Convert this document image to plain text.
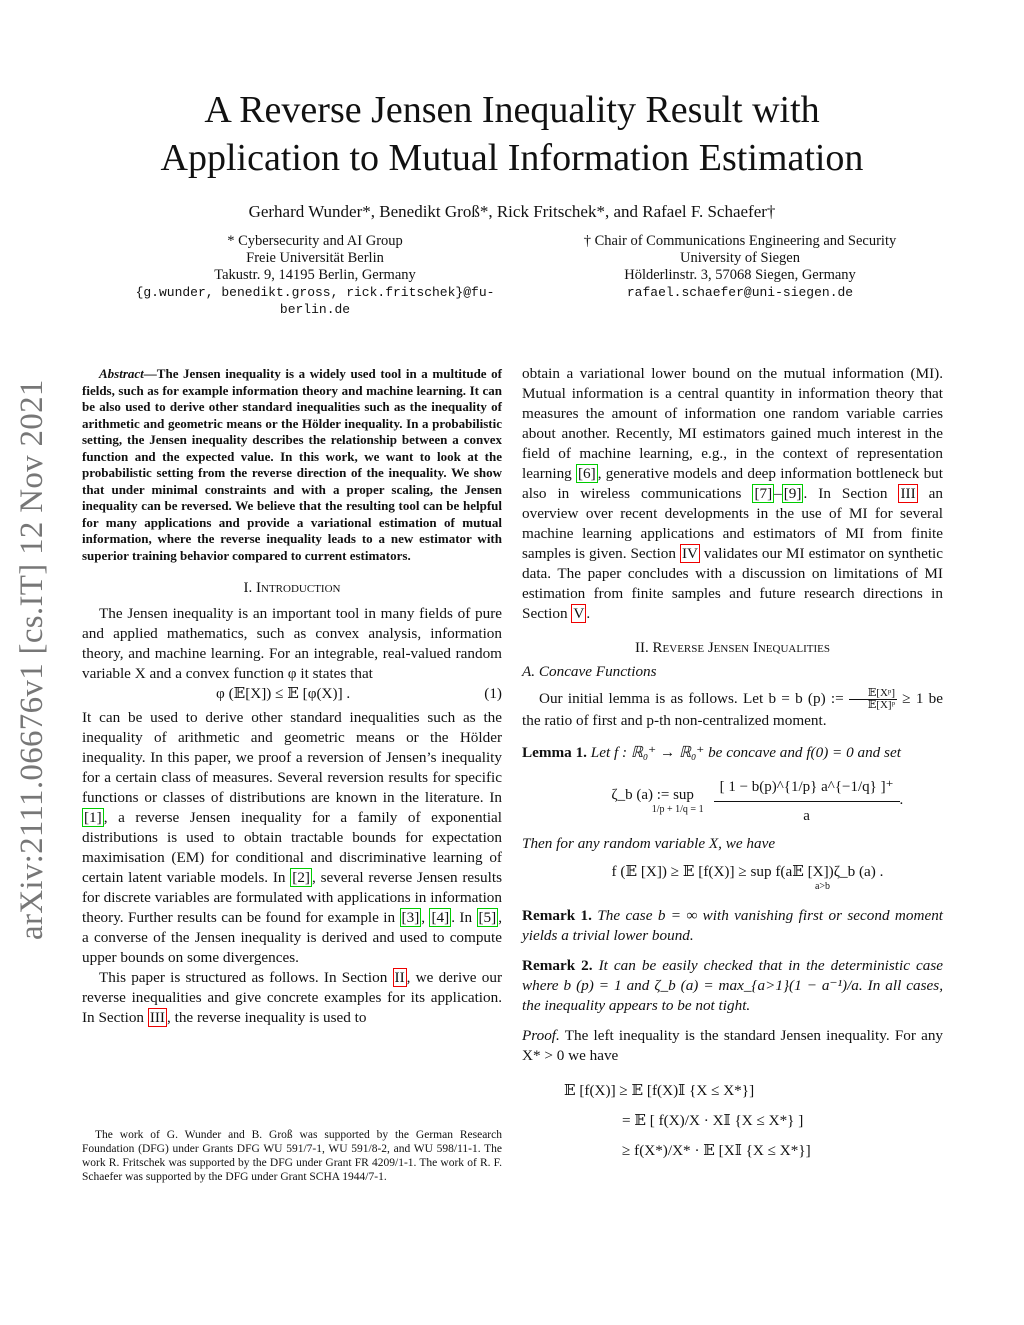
A Reverse Jensen Inequality Result with
Application to Mutual Information Estimation
Gerhard Wunder*, Benedikt Groß*, Rick Fritschek*, and Rafael F. Schaefer†
* Cybersecurity and AI Group
Freie Universität Berlin
Takustr. 9, 14195 Berlin, Germany
{g.wunder, benedikt.gross, rick.fritschek}@fu-berlin.de
† Chair of Communications Engineering and Security
University of Siegen
Hölderlinstr. 3, 57068 Siegen, Germany
rafael.schaefer@uni-siegen.de
arXiv:2111.06676v1 [cs.IT] 12 Nov 2021

Abstract—The Jensen inequality is a widely used tool in a multitude of fields, such as for example information theory and machine learning. It can be also used to derive other standard inequalities such as the inequality of arithmetic and geometric means or the Hölder inequality. In a probabilistic setting, the Jensen inequality describes the relationship between a convex function and the expected value. In this work, we want to look at the probabilistic setting from the reverse direction of the inequality. We show that under minimal constraints and with a proper scaling, the Jensen inequality can be reversed. We believe that the resulting tool can be helpful for many applications and provide a variational estimation of mutual information, where the reverse inequality leads to a new estimator with superior training behavior compared to current estimators.

I. Introduction

The Jensen inequality is an important tool in many fields of pure and applied mathematics, such as convex analysis, information theory, and machine learning. For an integrable, real-valued random variable X and a convex function φ it states that

φ (𝔼[X]) ≤ 𝔼 [φ(X)] .	(1)

It can be used to derive other standard inequalities such as the inequality of arithmetic and geometric means or the Hölder inequality. In this paper, we proof a reversion of Jensen’s inequality for a certain class of measures. Several reversion results for specific functions or classes of distributions are known in the literature. In [1] , a reverse Jensen inequality for a family of exponential distributions is used to obtain tractable bounds for expectation maximisation (EM) for conditional and discriminative learning of certain latent variable models. In [2] , several reverse Jensen results for discrete variables are formulated with applications in information theory. Further results can be found for example in [3] , [4] . In [5] , a converse of the Jensen inequality is derived and used to compute upper bounds on some divergences.

This paper is structured as follows. In Section II , we derive our reverse inequalities and give concrete examples for its application. In Section III , the reverse inequality is used to

The work of G. Wunder and B. Groß was supported by the German Research Foundation (DFG) under Grants DFG WU 591/7-1, WU 591/8-2, and WU 598/11-1. The work R. Fritschek was supported by the DFG under Grant FR 4209/1-1. The work of R. F. Schaefer was supported by the DFG under Grant SCHA 1944/7-1.

obtain a variational lower bound on the mutual information (MI). Mutual information is a central quantity in information theory that measures the amount of information one random variable carries about another. Recently, MI estimators gained much interest in the field of machine learning, e.g., in the context of representation learning [6] , generative models and deep information bottleneck but also in wireless communications [7] – [9] . In Section III an overview over recent developments in the use of MI for several machine learning applications and estimators of MI from finite samples is given. Section IV validates our MI estimator on synthetic data. The paper concludes with a discussion on limitations of MI estimation from finite samples and future research directions in Section V .

II. Reverse Jensen Inequalities

A. Concave Functions

Our initial lemma is as follows. Let b = b (p) := $\frac{\text{𝔼[Xᵖ]}}{\text{𝔼[X]ᵖ}} \ge 1$ be the ratio of first and p-th non-centralized moment.

Lemma 1. Let f : ℝ₀⁺ → ℝ₀⁺ be concave and f(0) = 0 and set

ζ_b (a) := sup
$1/p + 1/q = 1 \frac{[ 1 - b(p)\^{}\{1/p\} a\^{}\{-1/q\} ]^+}{a}$ .

Then for any random variable X, we have

f (𝔼 [X]) ≥ 𝔼 [f(X)] ≥ sup f(a𝔼 [X])ζ_b (a) .
a>b

Remark 1. The case b = ∞ with vanishing first or second moment yields a trivial lower bound.

Remark 2. It can be easily checked that in the deterministic case where b (p) = 1 and ζ_b (a) = max_{a>1}(1 − a⁻¹)/a. In all cases, the inequality appears to be not tight.

Proof. The left inequality is the standard Jensen inequality. For any X* > 0 we have

𝔼 [f(X)] ≥ 𝔼 [f(X)𝕀 {X ≤ X*}]
= 𝔼 [ f(X)/X · X𝕀 {X ≤ X*} ]
≥ f(X*)/X* · 𝔼 [X𝕀 {X ≤ X*}]
